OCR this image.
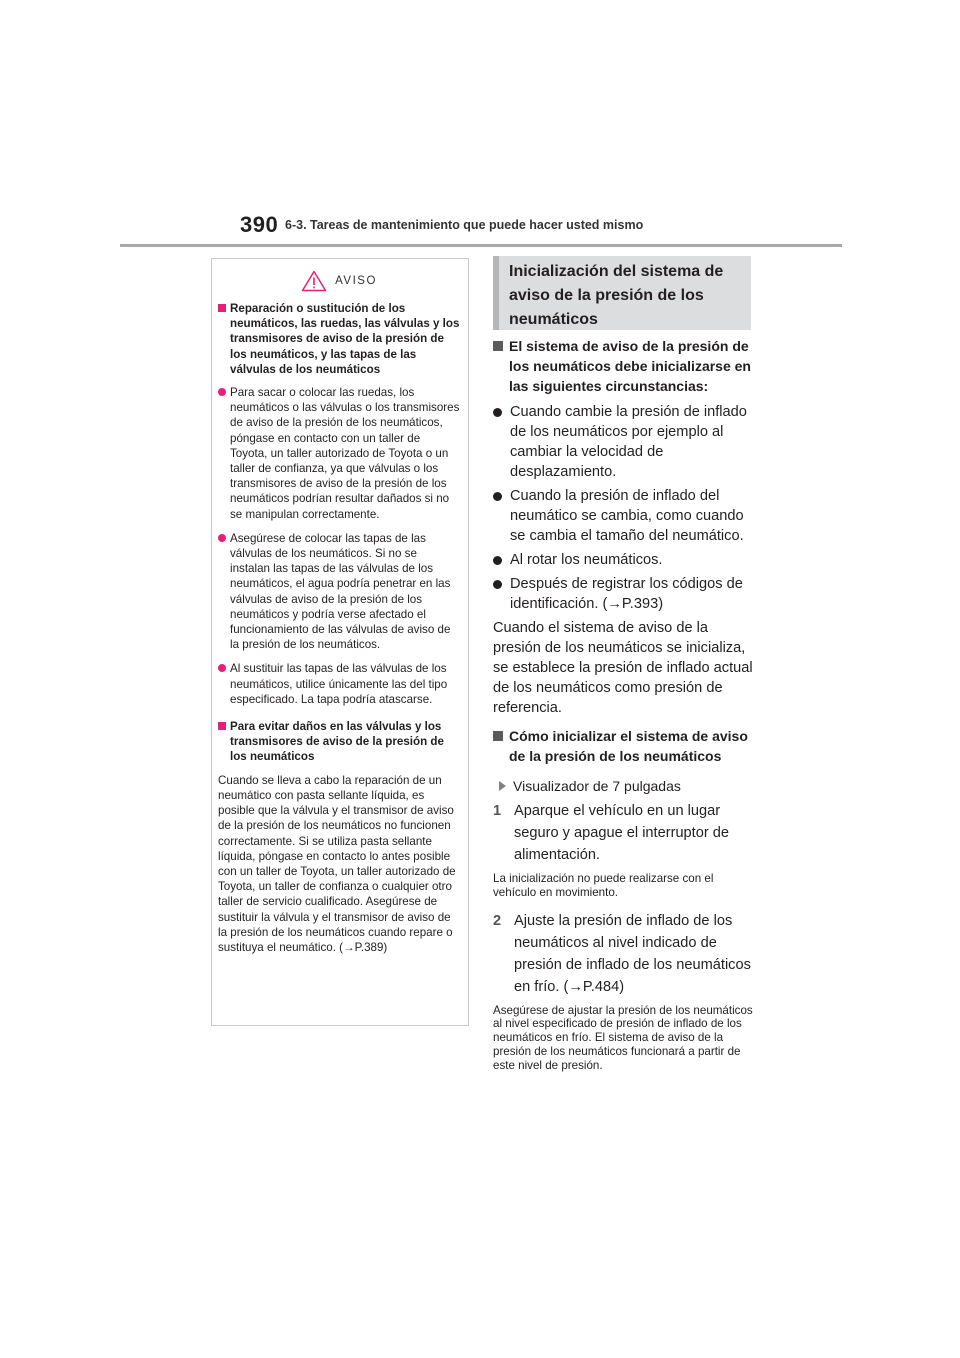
390 6-3. Tareas de mantenimiento que puede hacer usted mismo
AVISO
Reparación o sustitución de los neumáticos, las ruedas, las válvulas y los transmisores de aviso de la presión de los neumáticos, y las tapas de las válvulas de los neumáticos
Para sacar o colocar las ruedas, los neumáticos o las válvulas o los transmisores de aviso de la presión de los neumáticos, póngase en contacto con un taller de Toyota, un taller autorizado de Toyota o un taller de confianza, ya que válvulas o los transmisores de aviso de la presión de los neumáticos podrían resultar dañados si no se manipulan correctamente.
Asegúrese de colocar las tapas de las válvulas de los neumáticos. Si no se instalan las tapas de las válvulas de los neumáticos, el agua podría penetrar en las válvulas de aviso de la presión de los neumáticos y podría verse afectado el funcionamiento de las válvulas de aviso de la presión de los neumáticos.
Al sustituir las tapas de las válvulas de los neumáticos, utilice únicamente las del tipo especificado. La tapa podría atascarse.
Para evitar daños en las válvulas y los transmisores de aviso de la presión de los neumáticos

Cuando se lleva a cabo la reparación de un neumático con pasta sellante líquida, es posible que la válvula y el transmisor de aviso de la presión de los neumáticos no funcionen correctamente. Si se utiliza pasta sellante líquida, póngase en contacto lo antes posible con un taller de Toyota, un taller autorizado de Toyota, un taller de confianza o cualquier otro taller de servicio cualificado. Asegúrese de sustituir la válvula y el transmisor de aviso de la presión de los neumáticos cuando repare o sustituya el neumático. (→P.389)

Inicialización del sistema de aviso de la presión de los neumáticos
El sistema de aviso de la presión de los neumáticos debe inicializarse en las siguientes circunstancias:
Cuando cambie la presión de inflado de los neumáticos por ejemplo al cambiar la velocidad de desplazamiento.
Cuando la presión de inflado del neumático se cambia, como cuando se cambia el tamaño del neumático.
Al rotar los neumáticos.
Después de registrar los códigos de identificación. (→P.393)

Cuando el sistema de aviso de la presión de los neumáticos se inicializa, se establece la presión de inflado actual de los neumáticos como presión de referencia.

Cómo inicializar el sistema de aviso de la presión de los neumáticos
Visualizador de 7 pulgadas
1 Aparque el vehículo en un lugar seguro y apague el interruptor de alimentación.

La inicialización no puede realizarse con el vehículo en movimiento.

2 Ajuste la presión de inflado de los neumáticos al nivel indicado de presión de inflado de los neumáticos en frío. (→P.484)

Asegúrese de ajustar la presión de los neumáticos al nivel especificado de presión de inflado de los neumáticos en frío. El sistema de aviso de la presión de los neumáticos funcionará a partir de este nivel de presión.
